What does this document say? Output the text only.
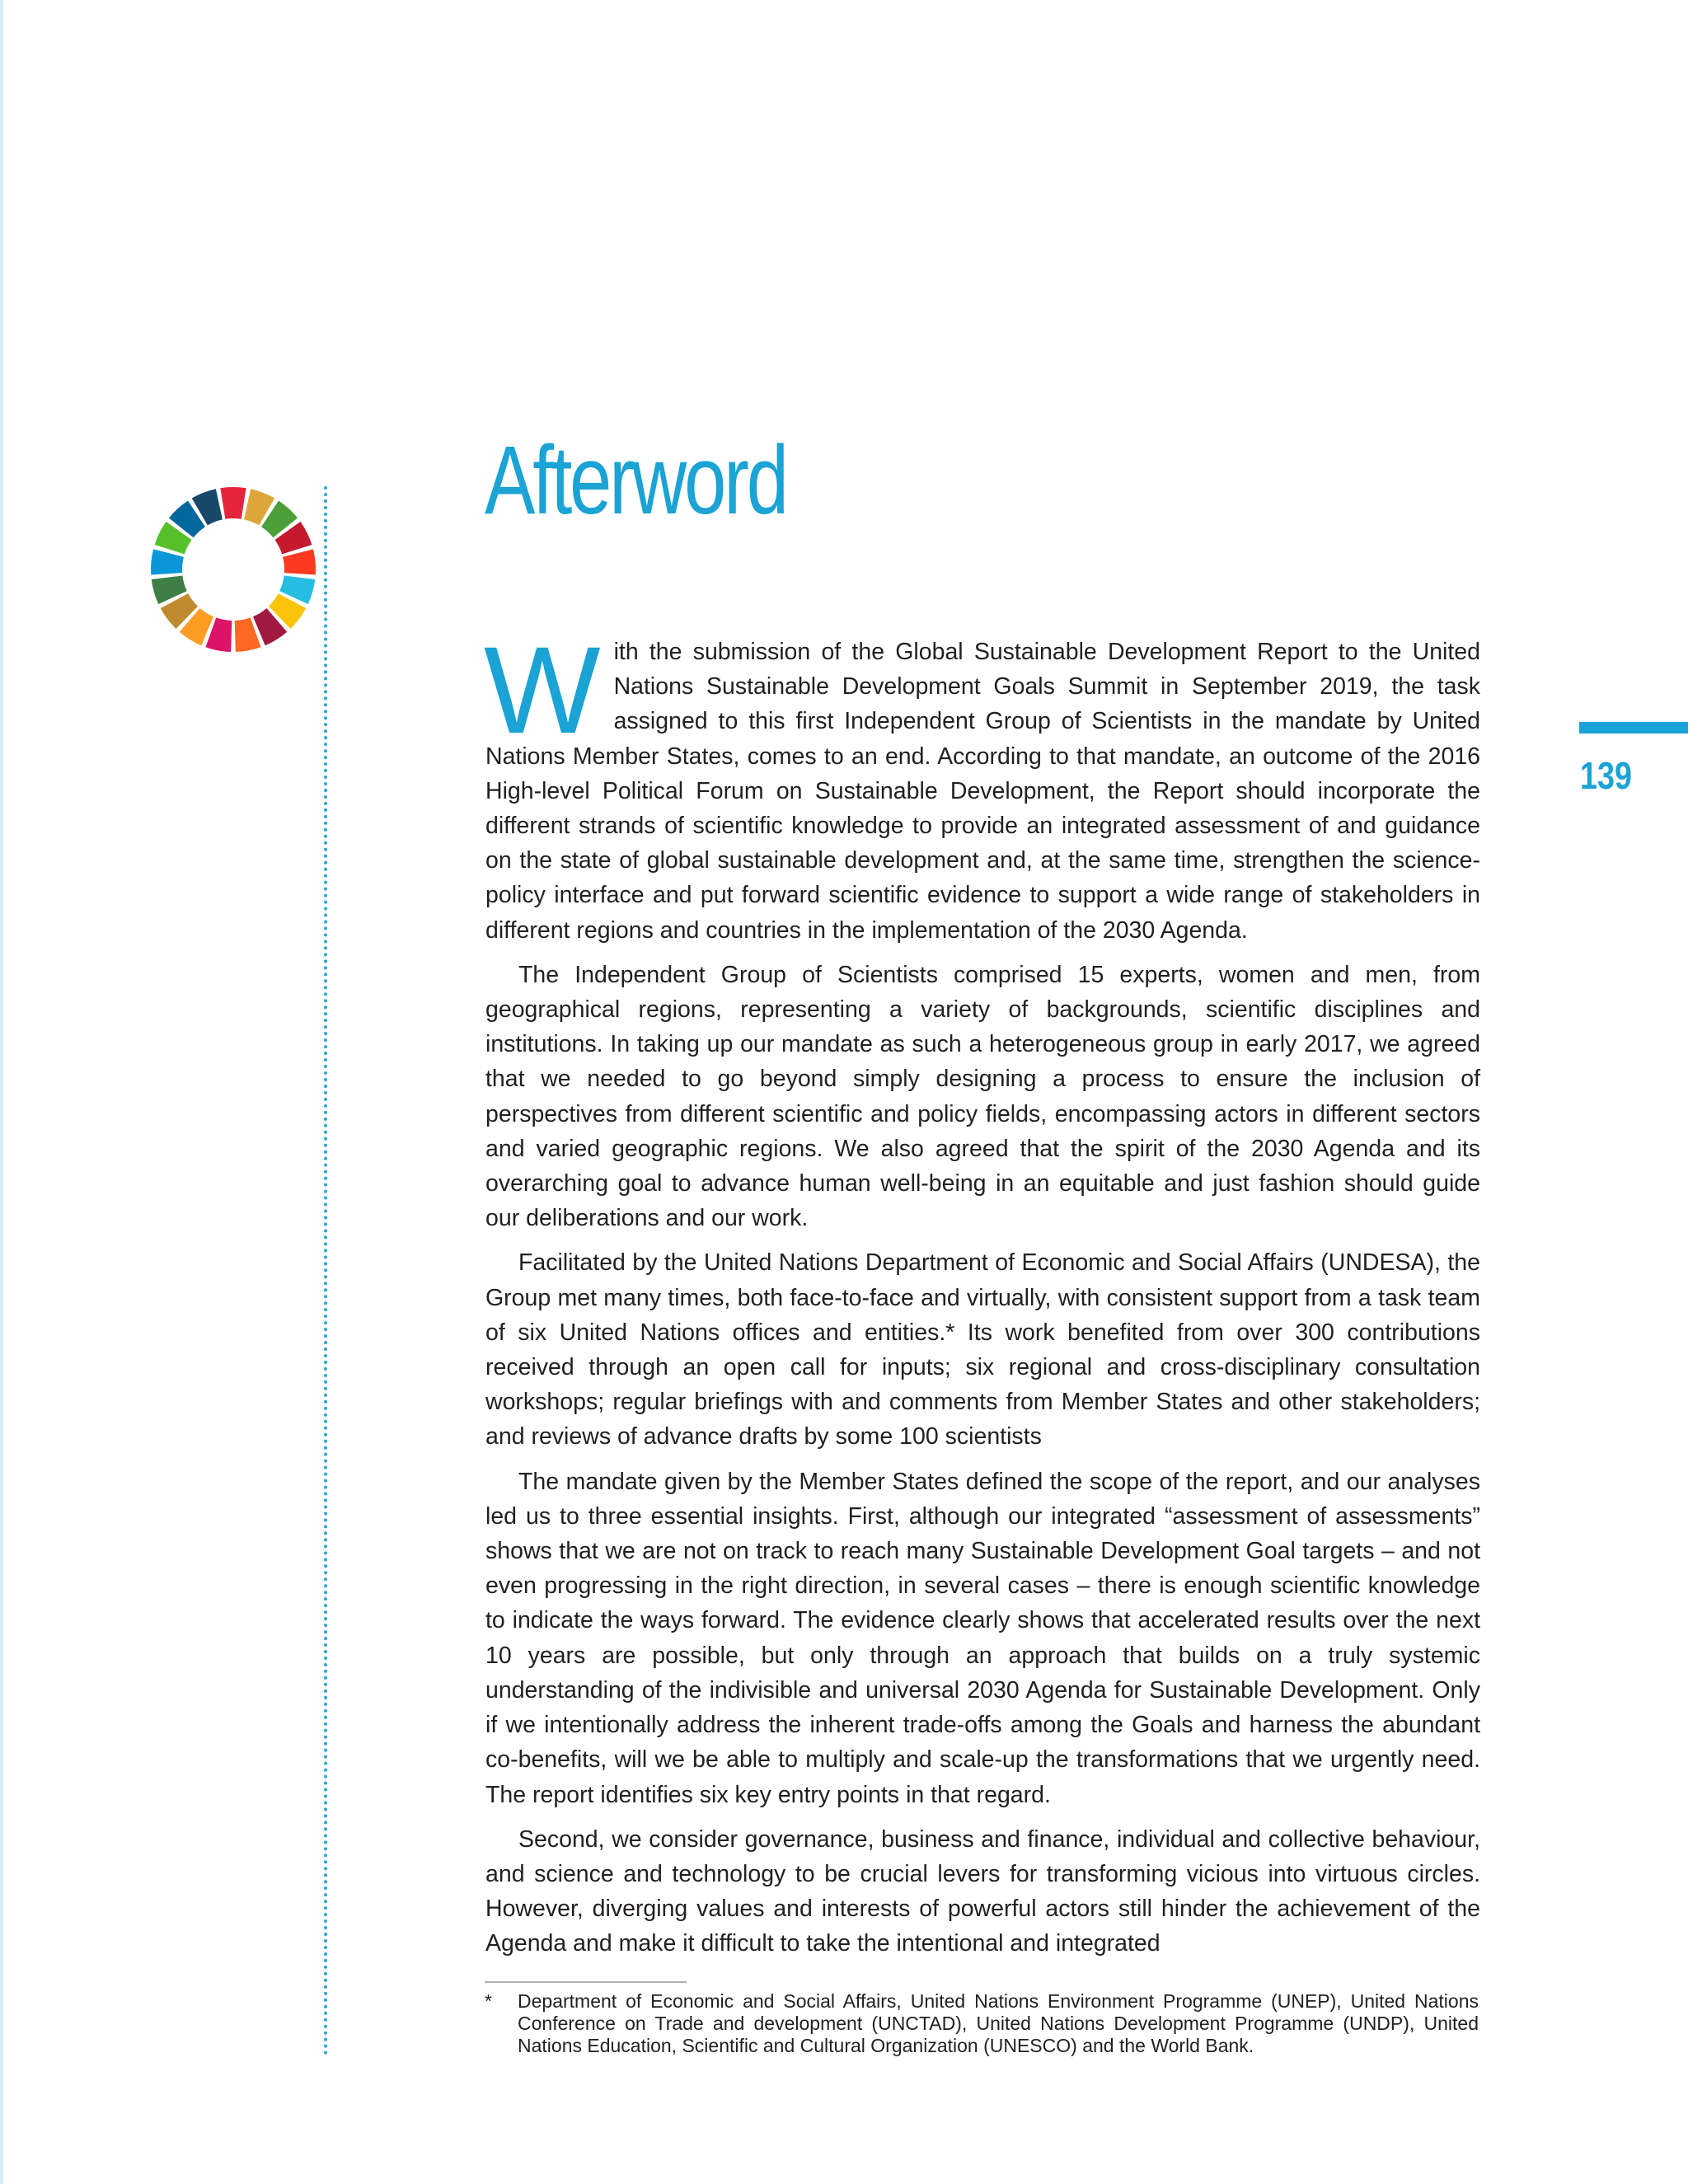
Afterword
139

With the submission of the Global Sustainable Development Report to the United Nations Sustainable Development Goals Summit in September 2019, the task assigned to this first Independent Group of Scientists in the mandate by United Nations Member States, comes to an end. According to that mandate, an outcome of the 2016 High-level Political Forum on Sustainable Development, the Report should incorporate the different strands of scientific knowledge to provide an integrated assessment of and guidance on the state of global sustainable development and, at the same time, strengthen the science-policy interface and put forward scientific evidence to support a wide range of stakeholders in different regions and countries in the implementation of the 2030 Agenda.

The Independent Group of Scientists comprised 15 experts, women and men, from geographical regions, representing a variety of backgrounds, scientific disciplines and institutions. In taking up our mandate as such a heterogeneous group in early 2017, we agreed that we needed to go beyond simply designing a process to ensure the inclusion of perspectives from different scientific and policy fields, encompassing actors in different sectors and varied geographic regions. We also agreed that the spirit of the 2030 Agenda and its overarching goal to advance human well-being in an equitable and just fashion should guide our deliberations and our work.

Facilitated by the United Nations Department of Economic and Social Affairs (UNDESA), the Group met many times, both face-to-face and virtually, with consistent support from a task team of six United Nations offices and entities.* Its work benefited from over 300 contributions received through an open call for inputs; six regional and cross-disciplinary consultation workshops; regular briefings with and comments from Member States and other stakeholders; and reviews of advance drafts by some 100 scientists

The mandate given by the Member States defined the scope of the report, and our analyses led us to three essential insights. First, although our integrated “assessment of assessments” shows that we are not on track to reach many Sustainable Development Goal targets – and not even progressing in the right direction, in several cases – there is enough scientific knowledge to indicate the ways forward. The evidence clearly shows that accelerated results over the next 10 years are possible, but only through an approach that builds on a truly systemic understanding of the indivisible and universal 2030 Agenda for Sustainable Development. Only if we intentionally address the inherent trade-offs among the Goals and harness the abundant co-benefits, will we be able to multiply and scale-up the transformations that we urgently need. The report identifies six key entry points in that regard.

Second, we consider governance, business and finance, individual and collective behaviour, and science and technology to be crucial levers for transforming vicious into virtuous circles. However, diverging values and interests of powerful actors still hinder the achievement of the Agenda and make it difficult to take the intentional and integrated

* Department of Economic and Social Affairs, United Nations Environment Programme (UNEP), United Nations Conference on Trade and development (UNCTAD), United Nations Development Programme (UNDP), United Nations Education, Scientific and Cultural Organization (UNESCO) and the World Bank.
